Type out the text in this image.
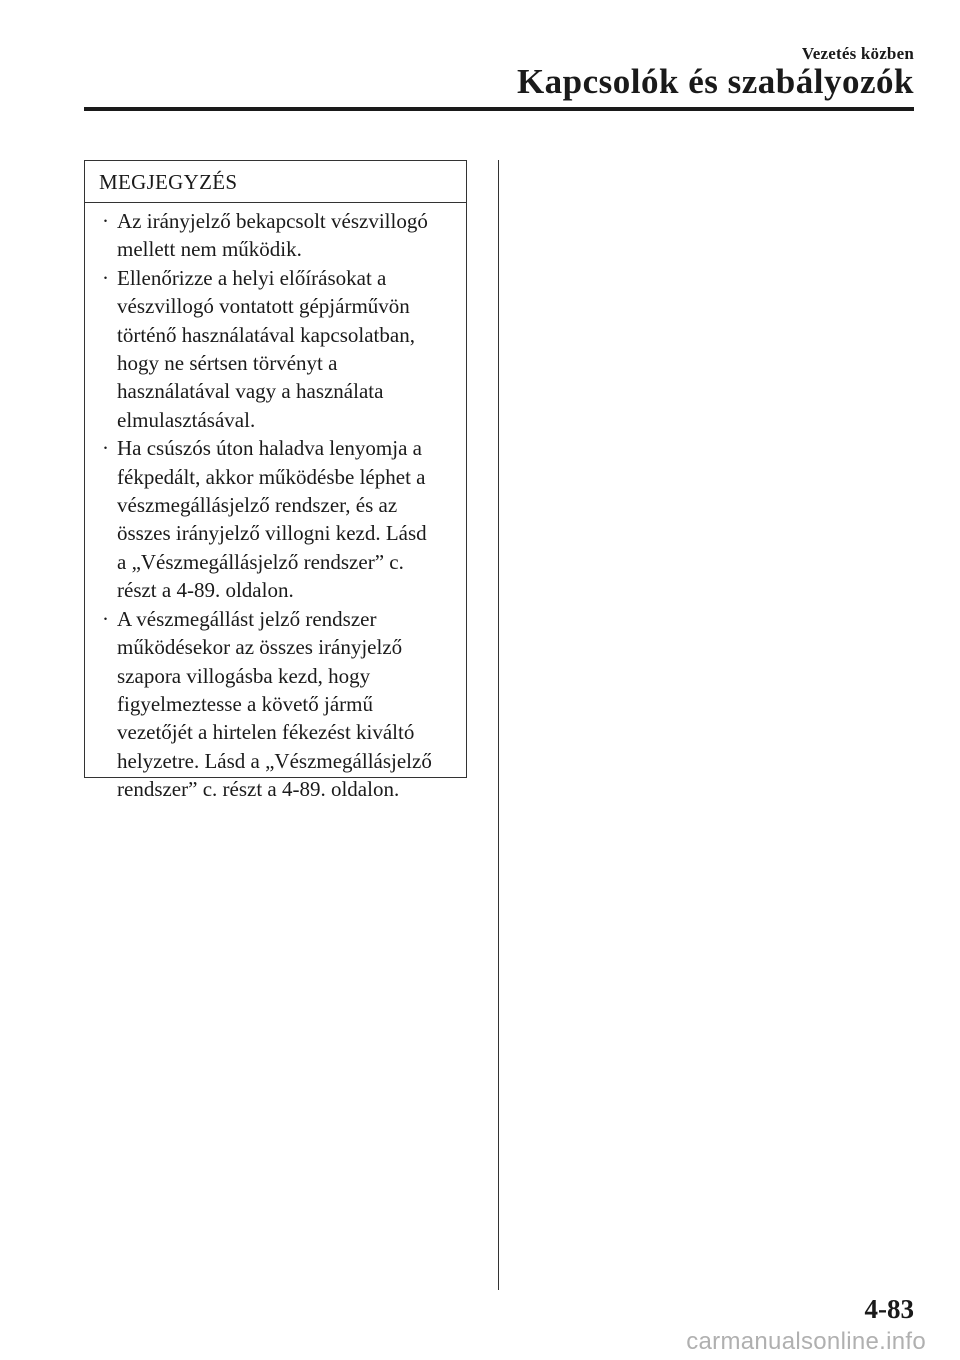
Vezetés közben
Kapcsolók és szabályozók
MEGJEGYZÉS
· Az irányjelző bekapcsolt vészvillogó
mellett nem működik.
· Ellenőrizze a helyi előírásokat a
vészvillogó vontatott gépjárművön
történő használatával kapcsolatban,
hogy ne sértsen törvényt a
használatával vagy a használata
elmulasztásával.
· Ha csúszós úton haladva lenyomja a
fékpedált, akkor működésbe léphet a
vészmegállásjelző rendszer, és az
összes irányjelző villogni kezd. Lásd
a „Vészmegállásjelző rendszer” c.
részt a 4-89. oldalon.
· A vészmegállást jelző rendszer
működésekor az összes irányjelző
szapora villogásba kezd, hogy
figyelmeztesse a követő jármű
vezetőjét a hirtelen fékezést kiváltó
helyzetre. Lásd a „Vészmegállásjelző
rendszer” c. részt a 4-89. oldalon.
4-83
carmanualsonline.info
